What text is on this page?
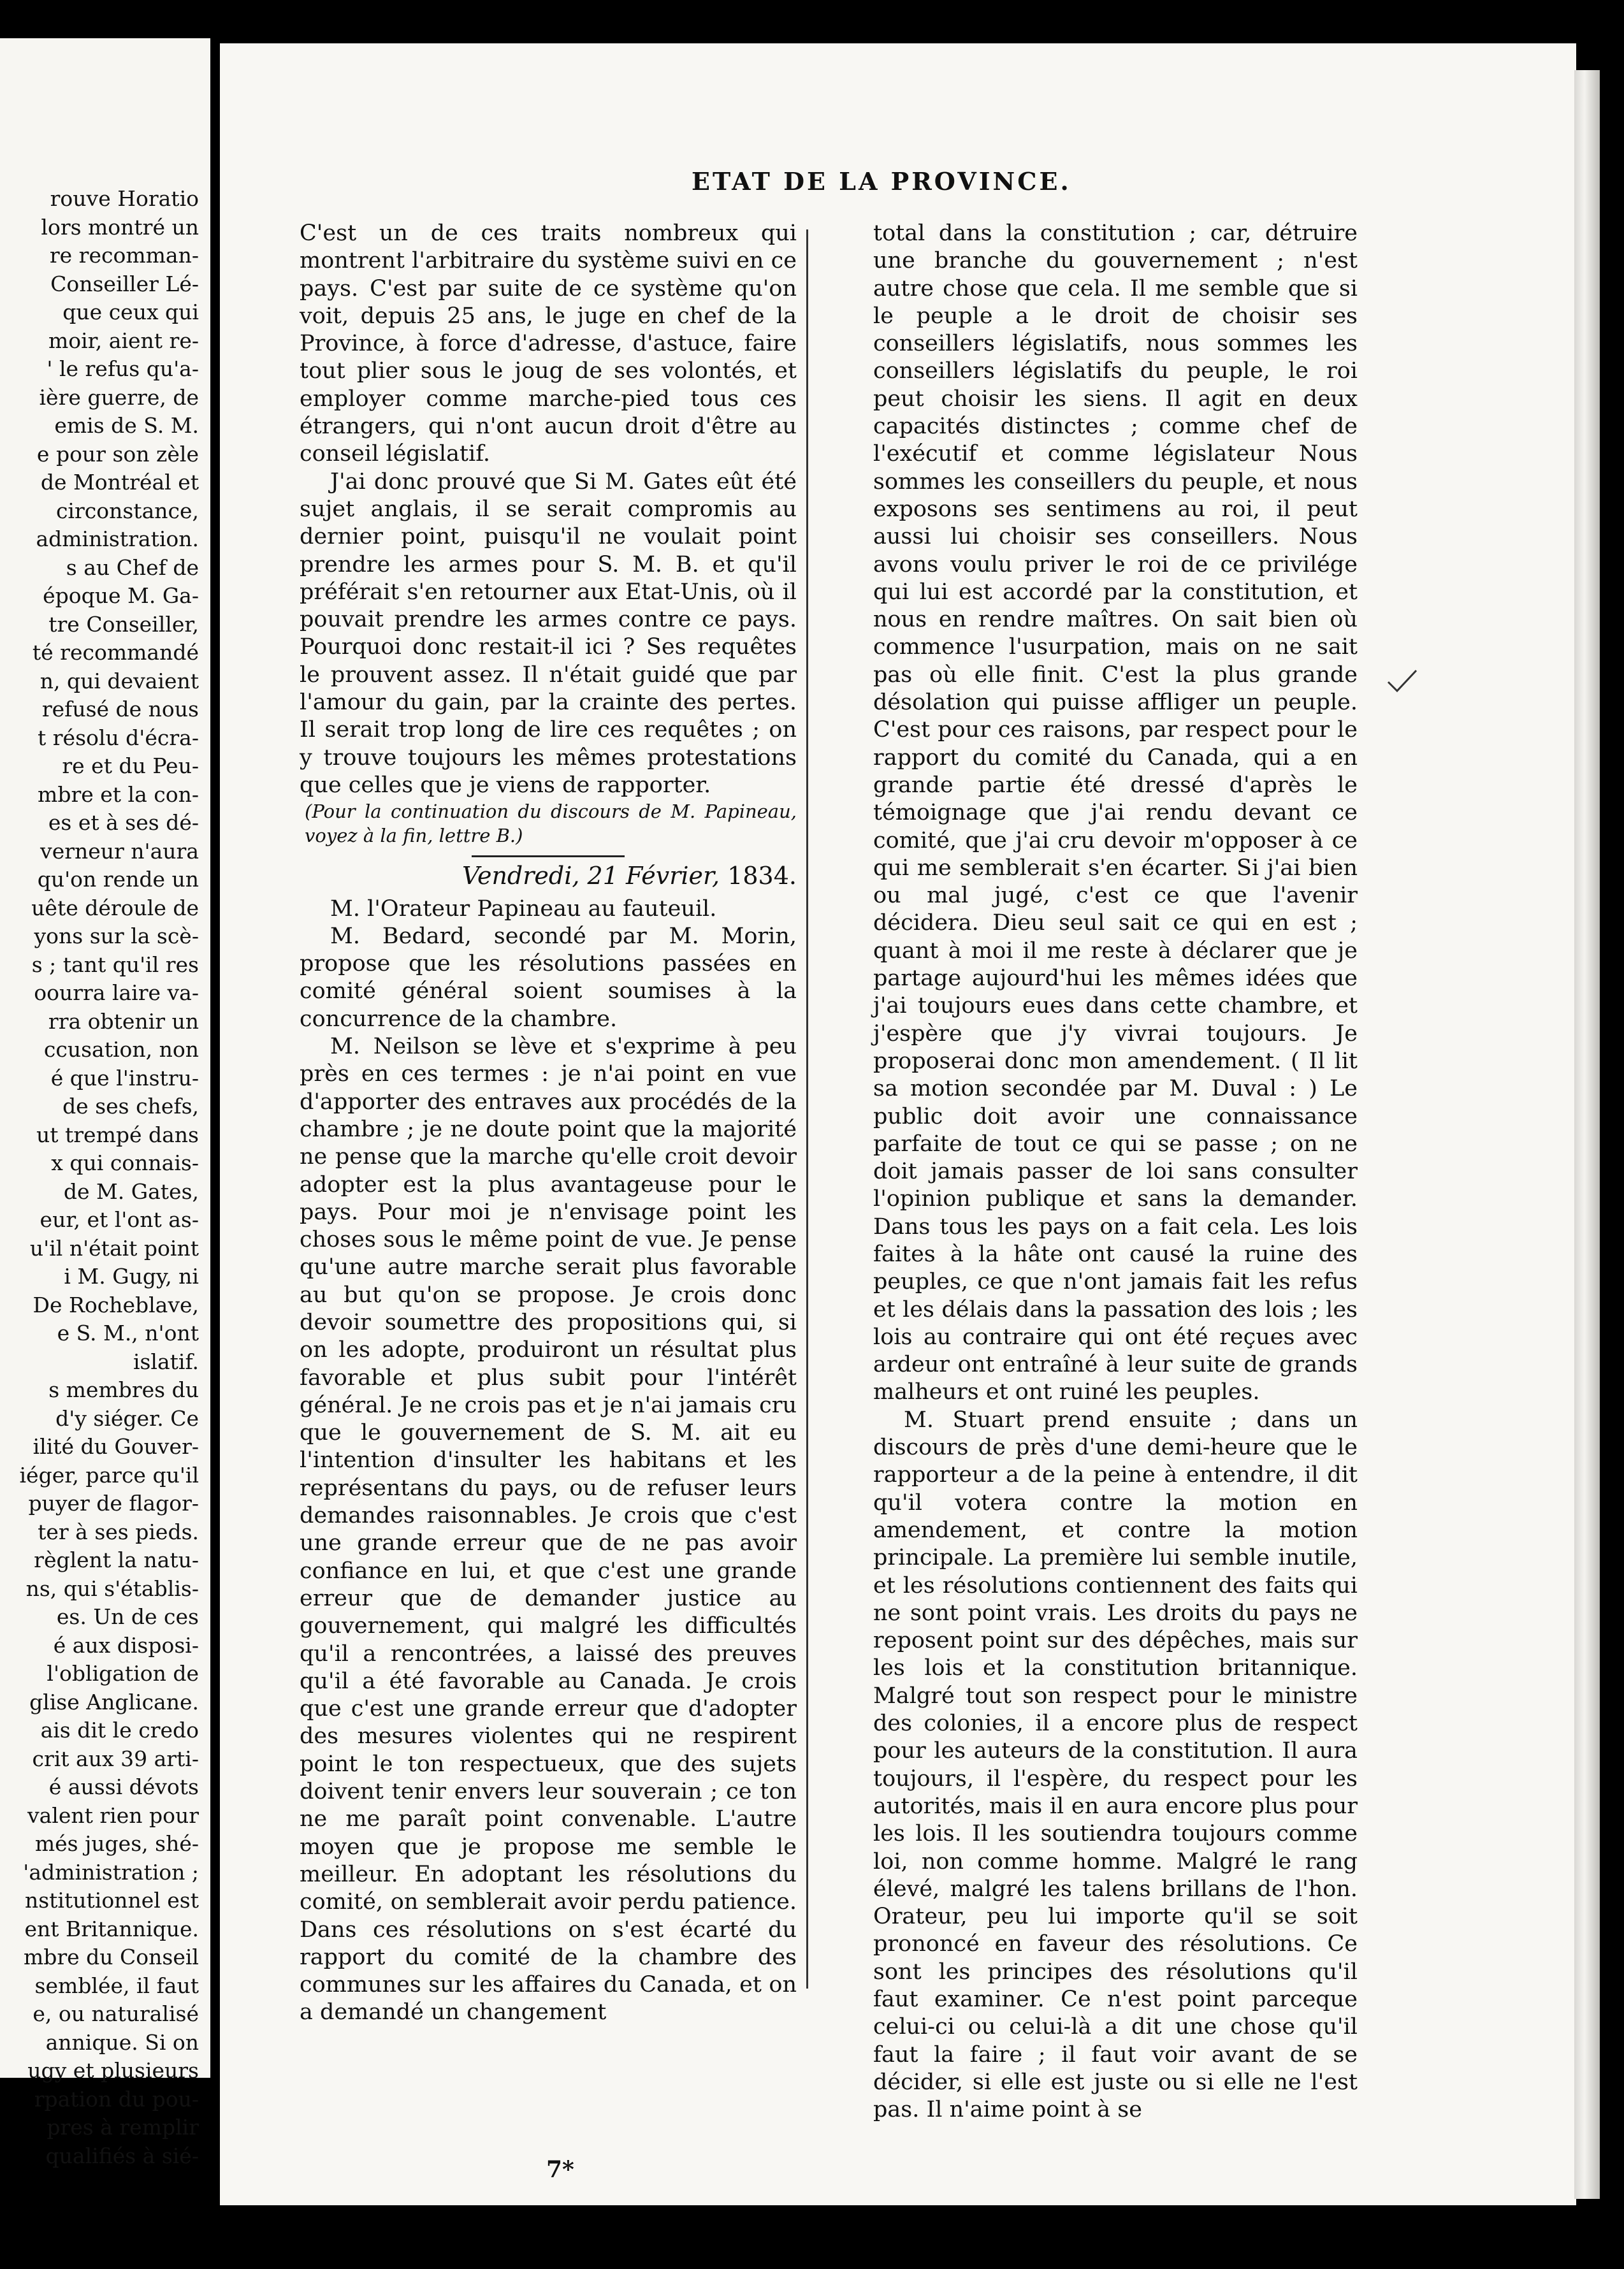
rouve Horatio
lors montré un
re recomman-
Conseiller Lé-
que ceux qui
moir, aient re-
' le refus qu'a-
ière guerre, de
emis de S. M.
e pour son zèle
de Montréal et
circonstance,
administration.
s au Chef de
époque M. Ga-
tre Conseiller,
té recommandé
n, qui devaient
refusé de nous
t résolu d'écra-
re et du Peu-
mbre et la con-
es et à ses dé-
verneur n'aura
qu'on rende un
uête déroule de
yons sur la scè-
s ; tant qu'il res
oourra laire va-
rra obtenir un
ccusation, non
é que l'instru-
de ses chefs,
ut trempé dans
x qui connais-
de M. Gates,
eur, et l'ont as-
u'il n'était point
i M. Gugy, ni
De Rocheblave,
e S. M., n'ont
islatif.
s membres du
d'y siéger. Ce
ilité du Gouver-
iéger, parce qu'il
puyer de flagor-
ter à ses pieds.
règlent la natu-
ns, qui s'établis-
es. Un de ces
é aux disposi-
l'obligation de
glise Anglicane.
ais dit le credo
crit aux 39 arti-
é aussi dévots
valent rien pour
més juges, shé-
'administration ;
nstitutionnel est
ent Britannique.
mbre du Conseil
semblée, il faut
e, ou naturalisé
annique. Si on
ugy et plusieurs
rpation du pou-
pres à remplir
qualifiés à sié-
ETAT DE LA PROVINCE.

C'est un de ces traits nombreux qui montrent l'arbitraire du système suivi en ce pays. C'est par suite de ce système qu'on voit, depuis 25 ans, le juge en chef de la Province, à force d'adresse, d'astuce, faire tout plier sous le joug de ses volontés, et employer comme marche-pied tous ces étrangers, qui n'ont aucun droit d'être au conseil législatif.

J'ai donc prouvé que Si M. Gates eût été sujet anglais, il se serait compromis au dernier point, puisqu'il ne voulait point prendre les armes pour S. M. B. et qu'il préférait s'en retourner aux Etat-Unis, où il pouvait prendre les armes contre ce pays. Pourquoi donc restait-il ici ? Ses requêtes le prouvent assez. Il n'était guidé que par l'amour du gain, par la crainte des pertes. Il serait trop long de lire ces requêtes ; on y trouve toujours les mêmes protestations que celles que je viens de rapporter.

(Pour la continuation du discours de M. Papineau, voyez à la fin, lettre B.)

Vendredi, 21 Février, 1834.

M. l'Orateur Papineau au fauteuil.

M. Bedard, secondé par M. Morin, propose que les résolutions passées en comité général soient soumises à la concurrence de la chambre.

M. Neilson se lève et s'exprime à peu près en ces termes : je n'ai point en vue d'apporter des entraves aux procédés de la chambre ; je ne doute point que la majorité ne pense que la marche qu'elle croit devoir adopter est la plus avantageuse pour le pays. Pour moi je n'envisage point les choses sous le même point de vue. Je pense qu'une autre marche serait plus favorable au but qu'on se propose. Je crois donc devoir soumettre des propositions qui, si on les adopte, produiront un résultat plus favorable et plus subit pour l'intérêt général. Je ne crois pas et je n'ai jamais cru que le gouvernement de S. M. ait eu l'intention d'insulter les habitans et les représentans du pays, ou de refuser leurs demandes raisonnables. Je crois que c'est une grande erreur que de ne pas avoir confiance en lui, et que c'est une grande erreur que de demander justice au gouvernement, qui malgré les difficultés qu'il a rencontrées, a laissé des preuves qu'il a été favorable au Canada. Je crois que c'est une grande erreur que d'adopter des mesures violentes qui ne respirent point le ton respectueux, que des sujets doivent tenir envers leur souverain ; ce ton ne me paraît point convenable. L'autre moyen que je propose me semble le meilleur. En adoptant les résolutions du comité, on semblerait avoir perdu patience. Dans ces résolutions on s'est écarté du rapport du comité de la chambre des communes sur les affaires du Canada, et on a demandé un changement

total dans la constitution ; car, détruire une branche du gouvernement ; n'est autre chose que cela. Il me semble que si le peuple a le droit de choisir ses conseillers législatifs, nous sommes les conseillers législatifs du peuple, le roi peut choisir les siens. Il agit en deux capacités distinctes ; comme chef de l'exécutif et comme législateur Nous sommes les conseillers du peuple, et nous exposons ses sentimens au roi, il peut aussi lui choisir ses conseillers. Nous avons voulu priver le roi de ce privilége qui lui est accordé par la constitution, et nous en rendre maîtres. On sait bien où commence l'usurpation, mais on ne sait pas où elle finit. C'est la plus grande désolation qui puisse affliger un peuple. C'est pour ces raisons, par respect pour le rapport du comité du Canada, qui a en grande partie été dressé d'après le témoignage que j'ai rendu devant ce comité, que j'ai cru devoir m'opposer à ce qui me semblerait s'en écarter. Si j'ai bien ou mal jugé, c'est ce que l'avenir décidera. Dieu seul sait ce qui en est ; quant à moi il me reste à déclarer que je partage aujourd'hui les mêmes idées que j'ai toujours eues dans cette chambre, et j'espère que j'y vivrai toujours. Je proposerai donc mon amendement. ( Il lit sa motion secondée par M. Duval : ) Le public doit avoir une connaissance parfaite de tout ce qui se passe ; on ne doit jamais passer de loi sans consulter l'opinion publique et sans la demander. Dans tous les pays on a fait cela. Les lois faites à la hâte ont causé la ruine des peuples, ce que n'ont jamais fait les refus et les délais dans la passation des lois ; les lois au contraire qui ont été reçues avec ardeur ont entraîné à leur suite de grands malheurs et ont ruiné les peuples.

M. Stuart prend ensuite ; dans un discours de près d'une demi-heure que le rapporteur a de la peine à entendre, il dit qu'il votera contre la motion en amendement, et contre la motion principale. La première lui semble inutile, et les résolutions contiennent des faits qui ne sont point vrais. Les droits du pays ne reposent point sur des dépêches, mais sur les lois et la constitution britannique. Malgré tout son respect pour le ministre des colonies, il a encore plus de respect pour les auteurs de la constitution. Il aura toujours, il l'espère, du respect pour les autorités, mais il en aura encore plus pour les lois. Il les soutiendra toujours comme loi, non comme homme. Malgré le rang élevé, malgré les talens brillans de l'hon. Orateur, peu lui importe qu'il se soit prononcé en faveur des résolutions. Ce sont les principes des résolutions qu'il faut examiner. Ce n'est point parceque celui-ci ou celui-là a dit une chose qu'il faut la faire ; il faut voir avant de se décider, si elle est juste ou si elle ne l'est pas. Il n'aime point à se

7*
